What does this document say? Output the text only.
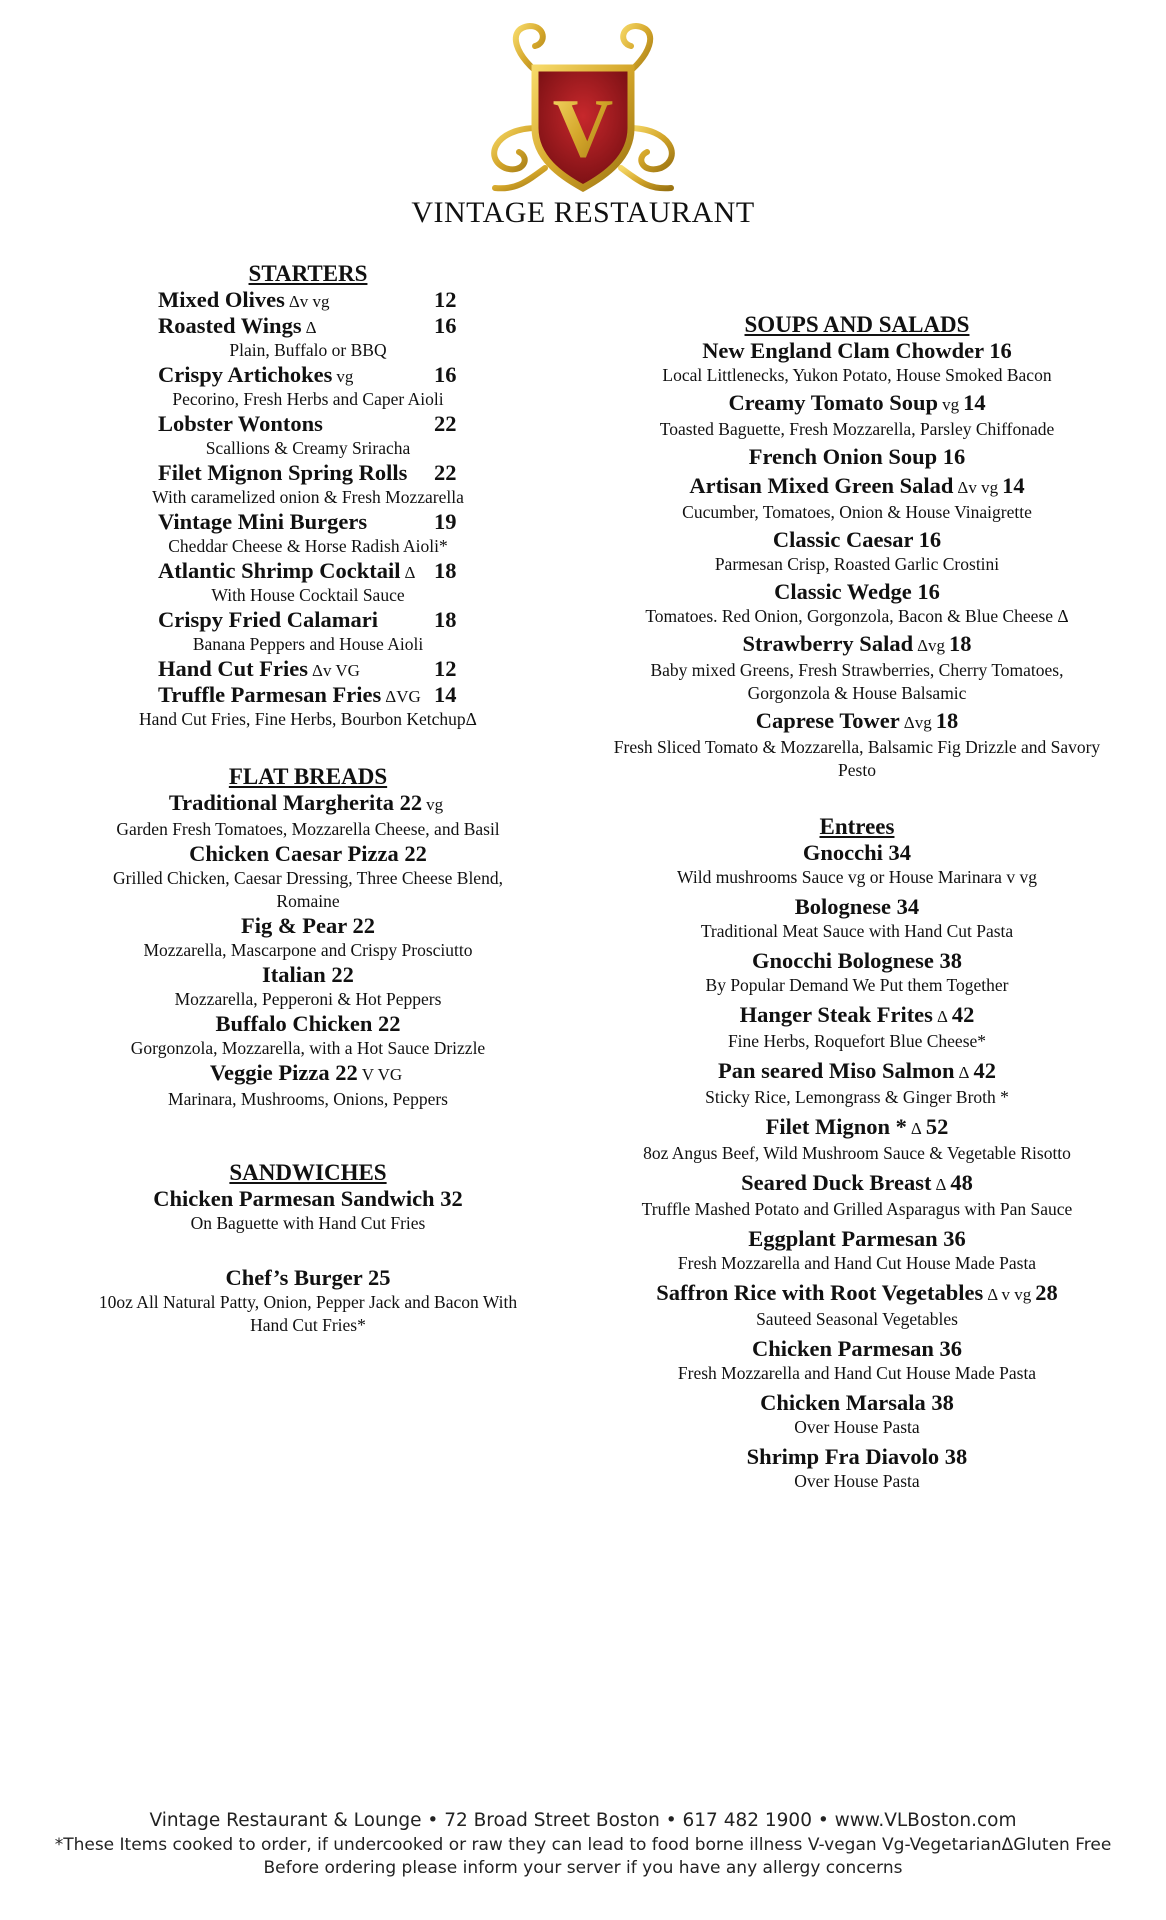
V
VINTAGE RESTAURANT
STARTERS
Mixed Olives Δv vg	12
Roasted Wings Δ	16
Plain, Buffalo or BBQ
Crispy Artichokes vg	16
Pecorino, Fresh Herbs and Caper Aioli
Lobster Wontons	22
Scallions & Creamy Sriracha
Filet Mignon Spring Rolls 22
With caramelized onion & Fresh Mozzarella
Vintage Mini Burgers	19
Cheddar Cheese & Horse Radish Aioli*
Atlantic Shrimp Cocktail Δ 18
With House Cocktail Sauce
Crispy Fried Calamari 18
Banana Peppers and House Aioli
Hand Cut Fries Δv VG	12
Truffle Parmesan Fries ΔVG 14
Hand Cut Fries, Fine Herbs, Bourbon KetchupΔ
FLAT BREADS
Traditional Margherita 22 vg
Garden Fresh Tomatoes, Mozzarella Cheese, and Basil
Chicken Caesar Pizza 22
Grilled Chicken, Caesar Dressing, Three Cheese Blend, Romaine
Fig & Pear 22
Mozzarella, Mascarpone and Crispy Prosciutto
Italian 22
Mozzarella, Pepperoni & Hot Peppers
Buffalo Chicken 22
Gorgonzola, Mozzarella, with a Hot Sauce Drizzle
Veggie Pizza 22 V VG
Marinara, Mushrooms, Onions, Peppers
SANDWICHES
Chicken Parmesan Sandwich 32
On Baguette with Hand Cut Fries
Chef’s Burger 25
10oz All Natural Patty, Onion, Pepper Jack and Bacon With Hand Cut Fries*
SOUPS AND SALADS
New England Clam Chowder 16
Local Littlenecks, Yukon Potato, House Smoked Bacon
Creamy Tomato Soup vg 14
Toasted Baguette, Fresh Mozzarella, Parsley Chiffonade
French Onion Soup 16
Artisan Mixed Green Salad Δv vg 14
Cucumber, Tomatoes, Onion & House Vinaigrette
Classic Caesar 16
Parmesan Crisp, Roasted Garlic Crostini
Classic Wedge 16
Tomatoes. Red Onion, Gorgonzola, Bacon & Blue Cheese Δ
Strawberry Salad Δvg 18
Baby mixed Greens, Fresh Strawberries, Cherry Tomatoes, Gorgonzola & House Balsamic
Caprese Tower Δvg 18
Fresh Sliced Tomato & Mozzarella, Balsamic Fig Drizzle and Savory Pesto
Entrees
Gnocchi 34
Wild mushrooms Sauce vg or House Marinara v vg
Bolognese 34
Traditional Meat Sauce with Hand Cut Pasta
Gnocchi Bolognese 38
By Popular Demand We Put them Together
Hanger Steak Frites Δ 42
Fine Herbs, Roquefort Blue Cheese*
Pan seared Miso Salmon Δ 42
Sticky Rice, Lemongrass & Ginger Broth *
Filet Mignon * Δ 52
8oz Angus Beef, Wild Mushroom Sauce & Vegetable Risotto
Seared Duck Breast Δ 48
Truffle Mashed Potato and Grilled Asparagus with Pan Sauce
Eggplant Parmesan 36
Fresh Mozzarella and Hand Cut House Made Pasta
Saffron Rice with Root Vegetables Δ v vg 28
Sauteed Seasonal Vegetables
Chicken Parmesan 36
Fresh Mozzarella and Hand Cut House Made Pasta
Chicken Marsala 38
Over House Pasta
Shrimp Fra Diavolo 38
Over House Pasta
Vintage Restaurant & Lounge • 72 Broad Street Boston • 617 482 1900 • www.VLBoston.com
*These Items cooked to order, if undercooked or raw they can lead to food borne illness V-vegan Vg-VegetarianΔGluten Free
Before ordering please inform your server if you have any allergy concerns
